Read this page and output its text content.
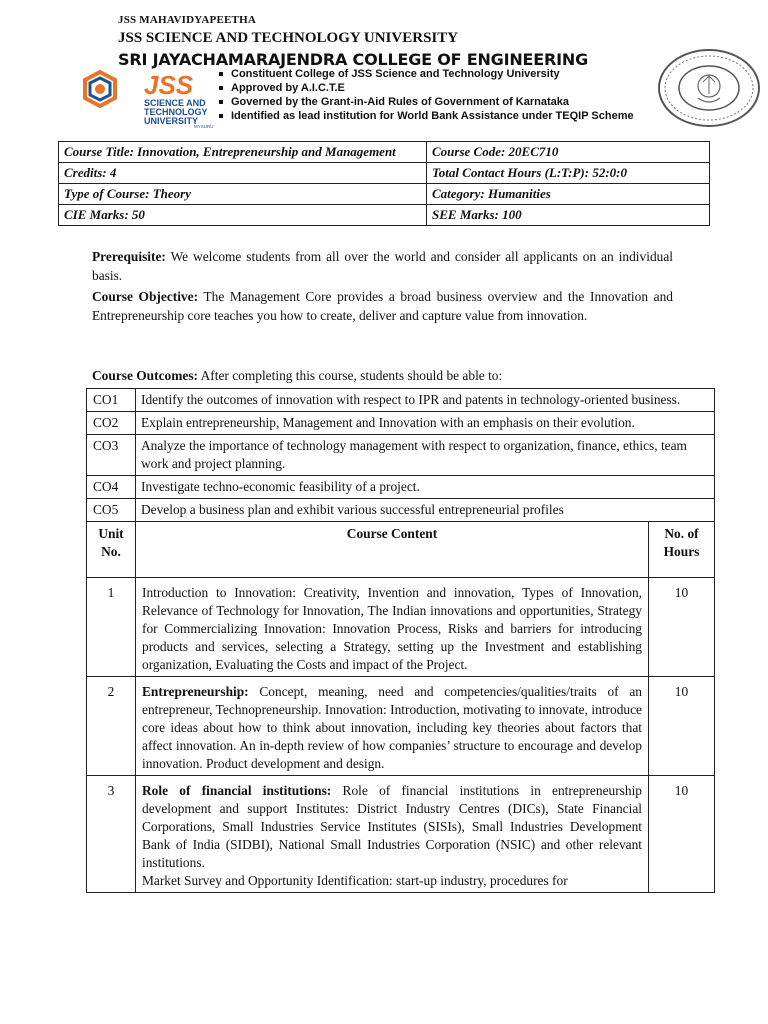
JSS MAHAVIDYAPEETHA
JSS SCIENCE AND TECHNOLOGY UNIVERSITY
SRI JAYACHAMARAJENDRA COLLEGE OF ENGINEERING
JSS
SCIENCE AND
TECHNOLOGY
UNIVERSITY
MYSURU
Constituent College of JSS Science and Technology University
Approved by A.I.C.T.E
Governed by the Grant-in-Aid Rules of Government of Karnataka
Identified as lead institution for World Bank Assistance under TEQIP Scheme
Course Title: Innovation, Entrepreneurship and Management	Course Code: 20EC710
Credits: 4	Total Contact Hours (L:T:P): 52:0:0
Type of Course: Theory	Category: Humanities
CIE Marks: 50	SEE Marks: 100

Prerequisite: We welcome students from all over the world and consider all applicants on an individual basis.

Course Objective: The Management Core provides a broad business overview and the Innovation and Entrepreneurship core teaches you how to create, deliver and capture value from innovation.

Course Outcomes: After completing this course, students should be able to:

CO1	Identify the outcomes of innovation with respect to IPR and patents in technology-oriented business.	
CO2	Explain entrepreneurship, Management and Innovation with an emphasis on their evolution.	
CO3	Analyze the importance of technology management with respect to organization, finance, ethics, team work and project planning.	
CO4	Investigate techno-economic feasibility of a project.	
CO5	Develop a business plan and exhibit various successful entrepreneurial profiles	
Unit No.	Course Content	No. of Hours
1	Introduction to Innovation: Creativity, Invention and innovation, Types of Innovation, Relevance of Technology for Innovation, The Indian innovations and opportunities, Strategy for Commercializing Innovation: Innovation Process, Risks and barriers for introducing products and services, selecting a Strategy, setting up the Investment and establishing organization, Evaluating the Costs and impact of the Project.	10
2	Entrepreneurship: Concept, meaning, need and competencies/qualities/traits of an entrepreneur, Technopreneurship. Innovation: Introduction, motivating to innovate, introduce core ideas about how to think about innovation, including key theories about factors that affect innovation. An in-depth review of how companies’ structure to encourage and develop innovation. Product development and design.	10
3	Role of financial institutions: Role of financial institutions in entrepreneurship development and support Institutes: District Industry Centres (DICs), State Financial Corporations, Small Industries Service Institutes (SISIs), Small Industries Development Bank of India (SIDBI), National Small Industries Corporation (NSIC) and other relevant institutions.
Market Survey and Opportunity Identification: start-up industry, procedures for	10
